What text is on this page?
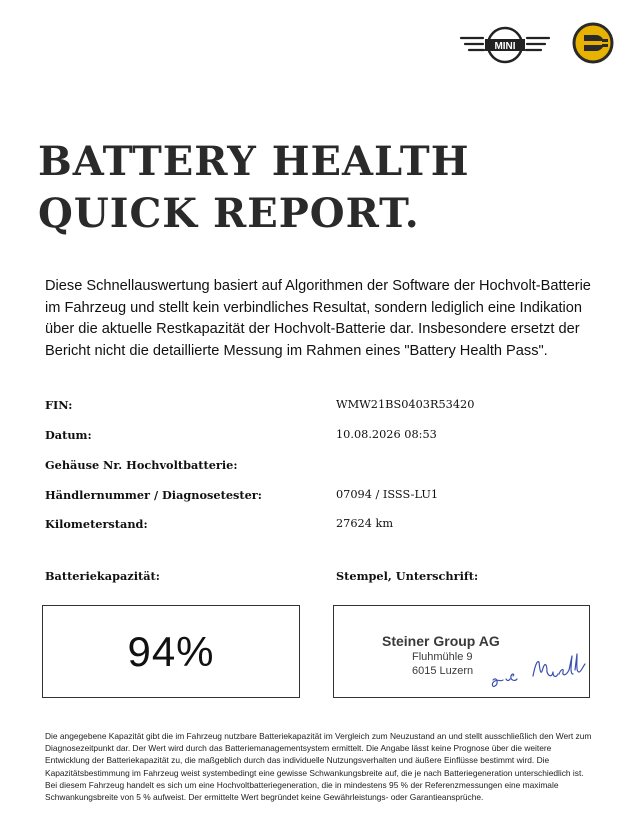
MINI
BATTERY HEALTH
QUICK REPORT.

Diese Schnellauswertung basiert auf Algorithmen der Software der Hochvolt-Batterie im Fahrzeug und stellt kein verbindliches Resultat, sondern lediglich eine Indikation über die aktuelle Restkapazität der Hochvolt-Batterie dar. Insbesondere ersetzt der Bericht nicht die detaillierte Messung im Rahmen eines "Battery Health Pass".

FIN:	WMW21BS0403R53420
Datum:	10.08.2026 08:53
Gehäuse Nr. Hochvoltbatterie:
Händlernummer / Diagnosetester:	07094 / ISSS-LU1
Kilometerstand:	27624 km
Batteriekapazität:	Stempel, Unterschrift:
94%	Steiner Group AG
Fluhmühle 9
6015 Luzern

Die angegebene Kapazität gibt die im Fahrzeug nutzbare Batteriekapazität im Vergleich zum Neuzustand an und stellt ausschließlich den Wert zum Diagnosezeitpunkt dar. Der Wert wird durch das Batteriemanagementsystem ermittelt. Die Angabe lässt keine Prognose über die weitere Entwicklung der Batteriekapazität zu, die maßgeblich durch das individuelle Nutzungsverhalten und äußere Einflüsse bestimmt wird. Die Kapazitätsbestimmung im Fahrzeug weist systembedingt eine gewisse Schwankungsbreite auf, die je nach Batteriegeneration unterschiedlich ist. Bei diesem Fahrzeug handelt es sich um eine Hochvoltbatteriegeneration, die in mindestens 95 % der Referenzmessungen eine maximale Schwankungsbreite von 5 % aufweist. Der ermittelte Wert begründet keine Gewährleistungs- oder Garantieansprüche.
